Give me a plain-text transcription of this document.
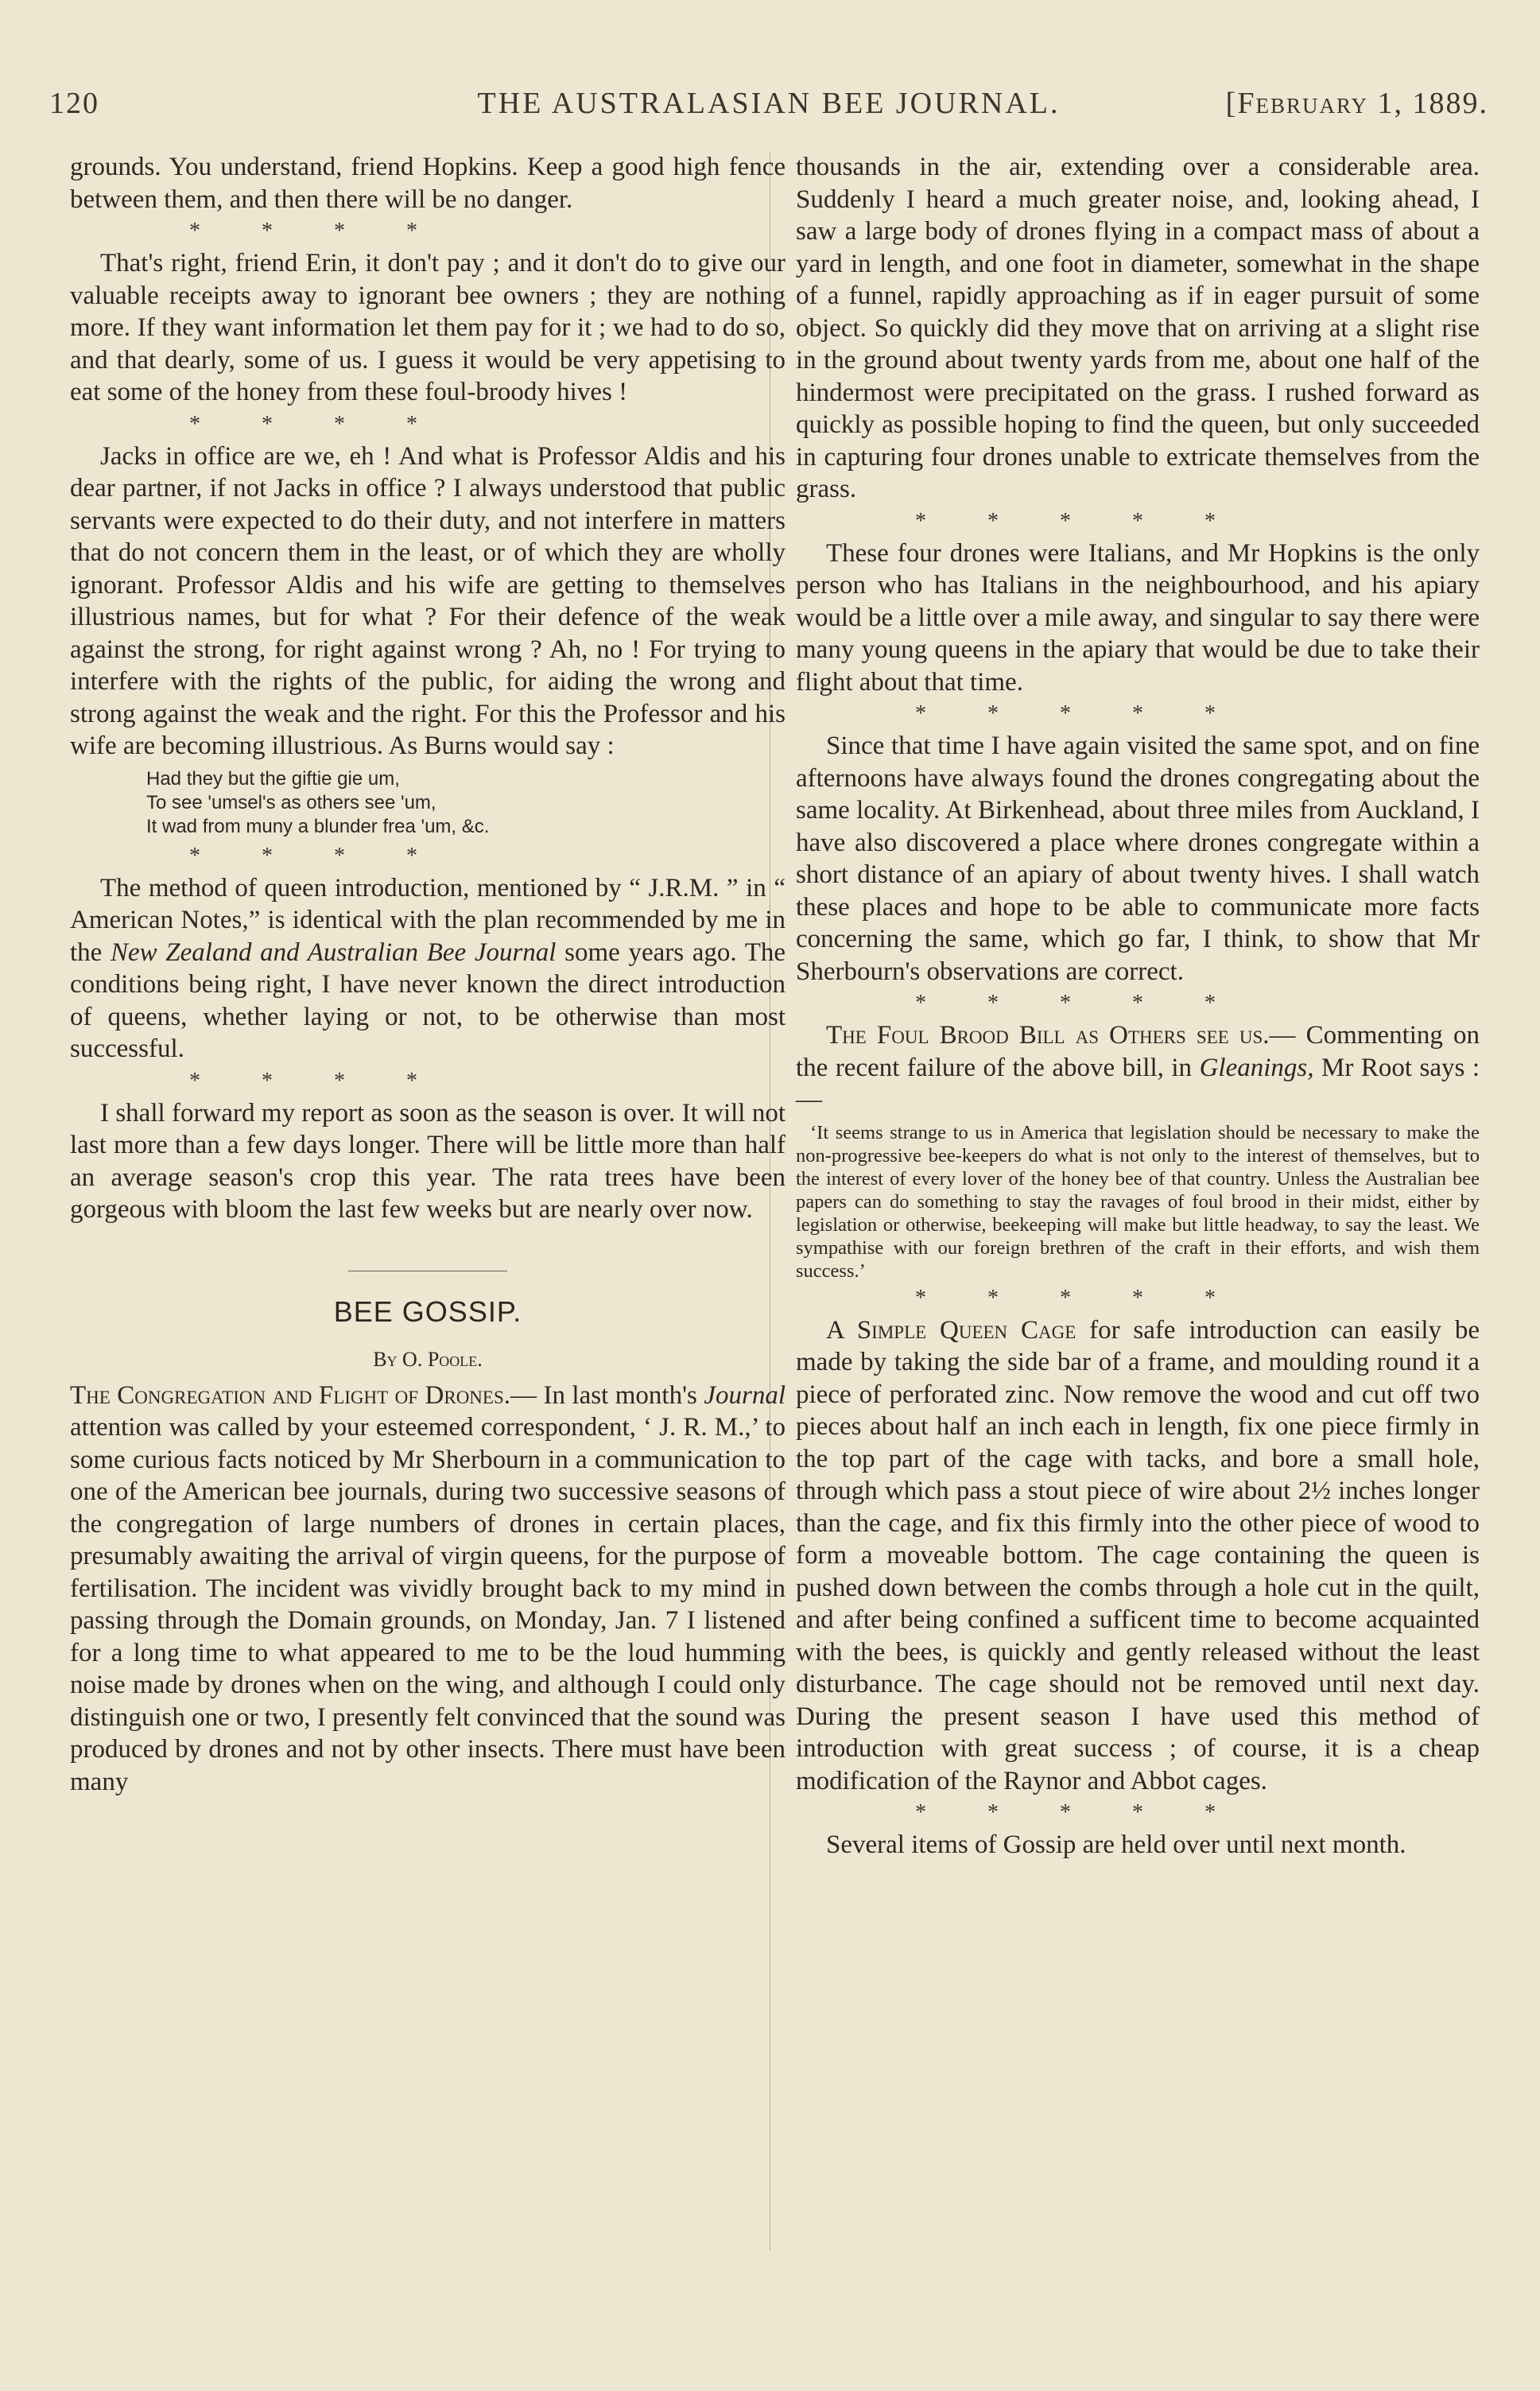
120	THE AUSTRALASIAN BEE JOURNAL.	[February 1, 1889.

grounds. You understand, friend Hopkins. Keep a good high fence between them, and then there will be no danger.

* * * *

That's right, friend Erin, it don't pay ; and it don't do to give our valuable receipts away to ignorant bee owners ; they are nothing more. If they want information let them pay for it ; we had to do so, and that dearly, some of us. I guess it would be very appetising to eat some of the honey from these foul-broody hives !

* * * *

Jacks in office are we, eh ! And what is Professor Aldis and his dear partner, if not Jacks in office ? I always understood that public servants were expected to do their duty, and not interfere in matters that do not concern them in the least, or of which they are wholly ignorant. Professor Aldis and his wife are getting to themselves illustrious names, but for what ? For their defence of the weak against the strong, for right against wrong ? Ah, no ! For trying to interfere with the rights of the public, for aiding the wrong and strong against the weak and the right. For this the Professor and his wife are becoming illustrious. As Burns would say :

Had they but the giftie gie um,
To see 'umsel's as others see 'um,
It wad from muny a blunder frea 'um, &c.
* * * *

The method of queen introduction, mentioned by “ J.R.M. ” in “ American Notes,” is identical with the plan recommended by me in the New Zealand and Australian Bee Journal some years ago. The conditions being right, I have never known the direct introduction of queens, whether laying or not, to be otherwise than most successful.

* * * *

I shall forward my report as soon as the season is over. It will not last more than a few days longer. There will be little more than half an average season's crop this year. The rata trees have been gorgeous with bloom the last few weeks but are nearly over now.

BEE GOSSIP.
By O. Poole.

The Congregation and Flight of Drones.— In last month's Journal attention was called by your esteemed correspondent, ‘ J. R. M.,’ to some curious facts noticed by Mr Sherbourn in a communication to one of the American bee journals, during two successive seasons of the congregation of large numbers of drones in certain places, presumably awaiting the arrival of virgin queens, for the purpose of fertilisation. The incident was vividly brought back to my mind in passing through the Domain grounds, on Monday, Jan. 7 I listened for a long time to what appeared to me to be the loud humming noise made by drones when on the wing, and although I could only distinguish one or two, I presently felt convinced that the sound was produced by drones and not by other insects. There must have been many

thousands in the air, extending over a considerable area. Suddenly I heard a much greater noise, and, looking ahead, I saw a large body of drones flying in a compact mass of about a yard in length, and one foot in diameter, somewhat in the shape of a funnel, rapidly approaching as if in eager pursuit of some object. So quickly did they move that on arriving at a slight rise in the ground about twenty yards from me, about one half of the hindermost were precipitated on the grass. I rushed forward as quickly as possible hoping to find the queen, but only succeeded in capturing four drones unable to extricate themselves from the grass.

* * * * *

These four drones were Italians, and Mr Hopkins is the only person who has Italians in the neighbourhood, and his apiary would be a little over a mile away, and singular to say there were many young queens in the apiary that would be due to take their flight about that time.

* * * * *

Since that time I have again visited the same spot, and on fine afternoons have always found the drones congregating about the same locality. At Birkenhead, about three miles from Auckland, I have also discovered a place where drones congregate within a short distance of an apiary of about twenty hives. I shall watch these places and hope to be able to communicate more facts concerning the same, which go far, I think, to show that Mr Sherbourn's observations are correct.

* * * * *

The Foul Brood Bill as Others see us.— Commenting on the recent failure of the above bill, in Gleanings, Mr Root says :—

‘It seems strange to us in America that legislation should be necessary to make the non-progressive bee-keepers do what is not only to the interest of themselves, but to the interest of every lover of the honey bee of that country. Unless the Australian bee papers can do something to stay the ravages of foul brood in their midst, either by legislation or otherwise, beekeeping will make but little headway, to say the least. We sympathise with our foreign brethren of the craft in their efforts, and wish them success.’

* * * * *

A Simple Queen Cage for safe introduction can easily be made by taking the side bar of a frame, and moulding round it a piece of perforated zinc. Now remove the wood and cut off two pieces about half an inch each in length, fix one piece firmly in the top part of the cage with tacks, and bore a small hole, through which pass a stout piece of wire about 2½ inches longer than the cage, and fix this firmly into the other piece of wood to form a moveable bottom. The cage containing the queen is pushed down between the combs through a hole cut in the quilt, and after being confined a sufficent time to become acquainted with the bees, is quickly and gently released without the least disturbance. The cage should not be removed until next day. During the present season I have used this method of introduction with great success ; of course, it is a cheap modification of the Raynor and Abbot cages.

* * * * *

Several items of Gossip are held over until next month.
